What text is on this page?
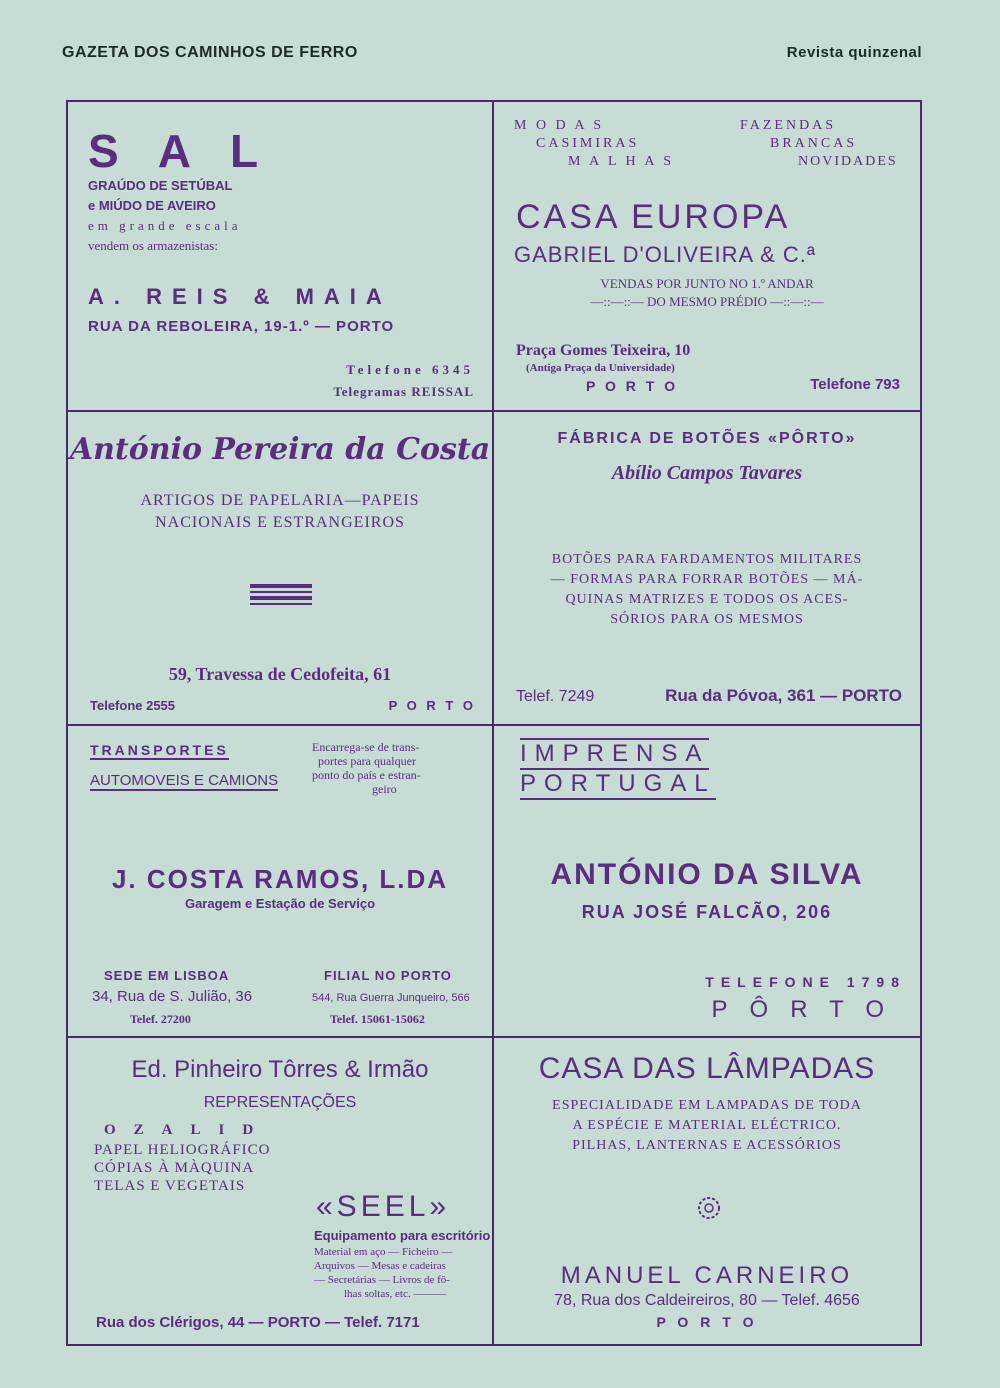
GAZETA DOS CAMINHOS DE FERRO	Revista quinzenal
S A L
GRAÚDO DE SETÚBAL
e MIÚDO DE AVEIRO
em grande escala
vendem os armazenistas:
A. REIS & MAIA
RUA DA REBOLEIRA, 19-1.º — PORTO
Telefone 6345
Telegramas REISSAL
M O D A S
CASIMIRAS
M A L H A S
FAZENDAS
BRANCAS
NOVIDADES
CASA EUROPA
GABRIEL D'OLIVEIRA & C.ª
VENDAS POR JUNTO NO 1.º ANDAR
—::—::— DO MESMO PRÉDIO —::—::—
Praça Gomes Teixeira, 10
(Antiga Praça da Universidade)
P O R T O	Telefone 793
António Pereira da Costa
ARTIGOS DE PAPELARIA—PAPEIS
NACIONAIS E ESTRANGEIROS
59, Travessa de Cedofeita, 61
Telefone 2555	P O R T O
FÁBRICA DE BOTÕES «PÔRTO»
Abílio Campos Tavares
BOTÕES PARA FARDAMENTOS MILITARES
— FORMAS PARA FORRAR BOTÕES — MÁ-
QUINAS MATRIZES E TODOS OS ACES-
SÓRIOS PARA OS MESMOS
Telef. 7249	Rua da Póvoa, 361 — PORTO
TRANSPORTES
AUTOMOVEIS E CAMIONS
Encarrega-se de trans-
portes para qualquer
ponto do país e estran-
geiro
J. COSTA RAMOS, L.DA
Garagem e Estação de Serviço
SEDE EM LISBOA
34, Rua de S. Julião, 36
Telef. 27200
FILIAL NO PORTO
544, Rua Guerra Junqueiro, 566
Telef. 15061-15062
IMPRENSA
PORTUGAL
ANTÓNIO DA SILVA
RUA JOSÉ FALCÃO, 206
TELEFONE 1798
PÔRTO
Ed. Pinheiro Tôrres & Irmão
REPRESENTAÇÕES
OZALID
PAPEL HELIOGRÁFICO
CÓPIAS À MÀQUINA
TELAS E VEGETAIS
«SEEL»
Equipamento para escritório
Material em aço — Ficheiro —
Arquivos — Mesas e cadeiras
— Secretárias — Livros de fô-
lhas soltas, etc. ———
Rua dos Clérigos, 44 — PORTO — Telef. 7171
CASA DAS LÂMPADAS
ESPECIALIDADE EM LAMPADAS DE TODA
A ESPÉCIE E MATERIAL ELÉCTRICO.
PILHAS, LANTERNAS E ACESSÓRIOS
MANUEL CARNEIRO
78, Rua dos Caldeireiros, 80 — Telef. 4656
P O R T O
